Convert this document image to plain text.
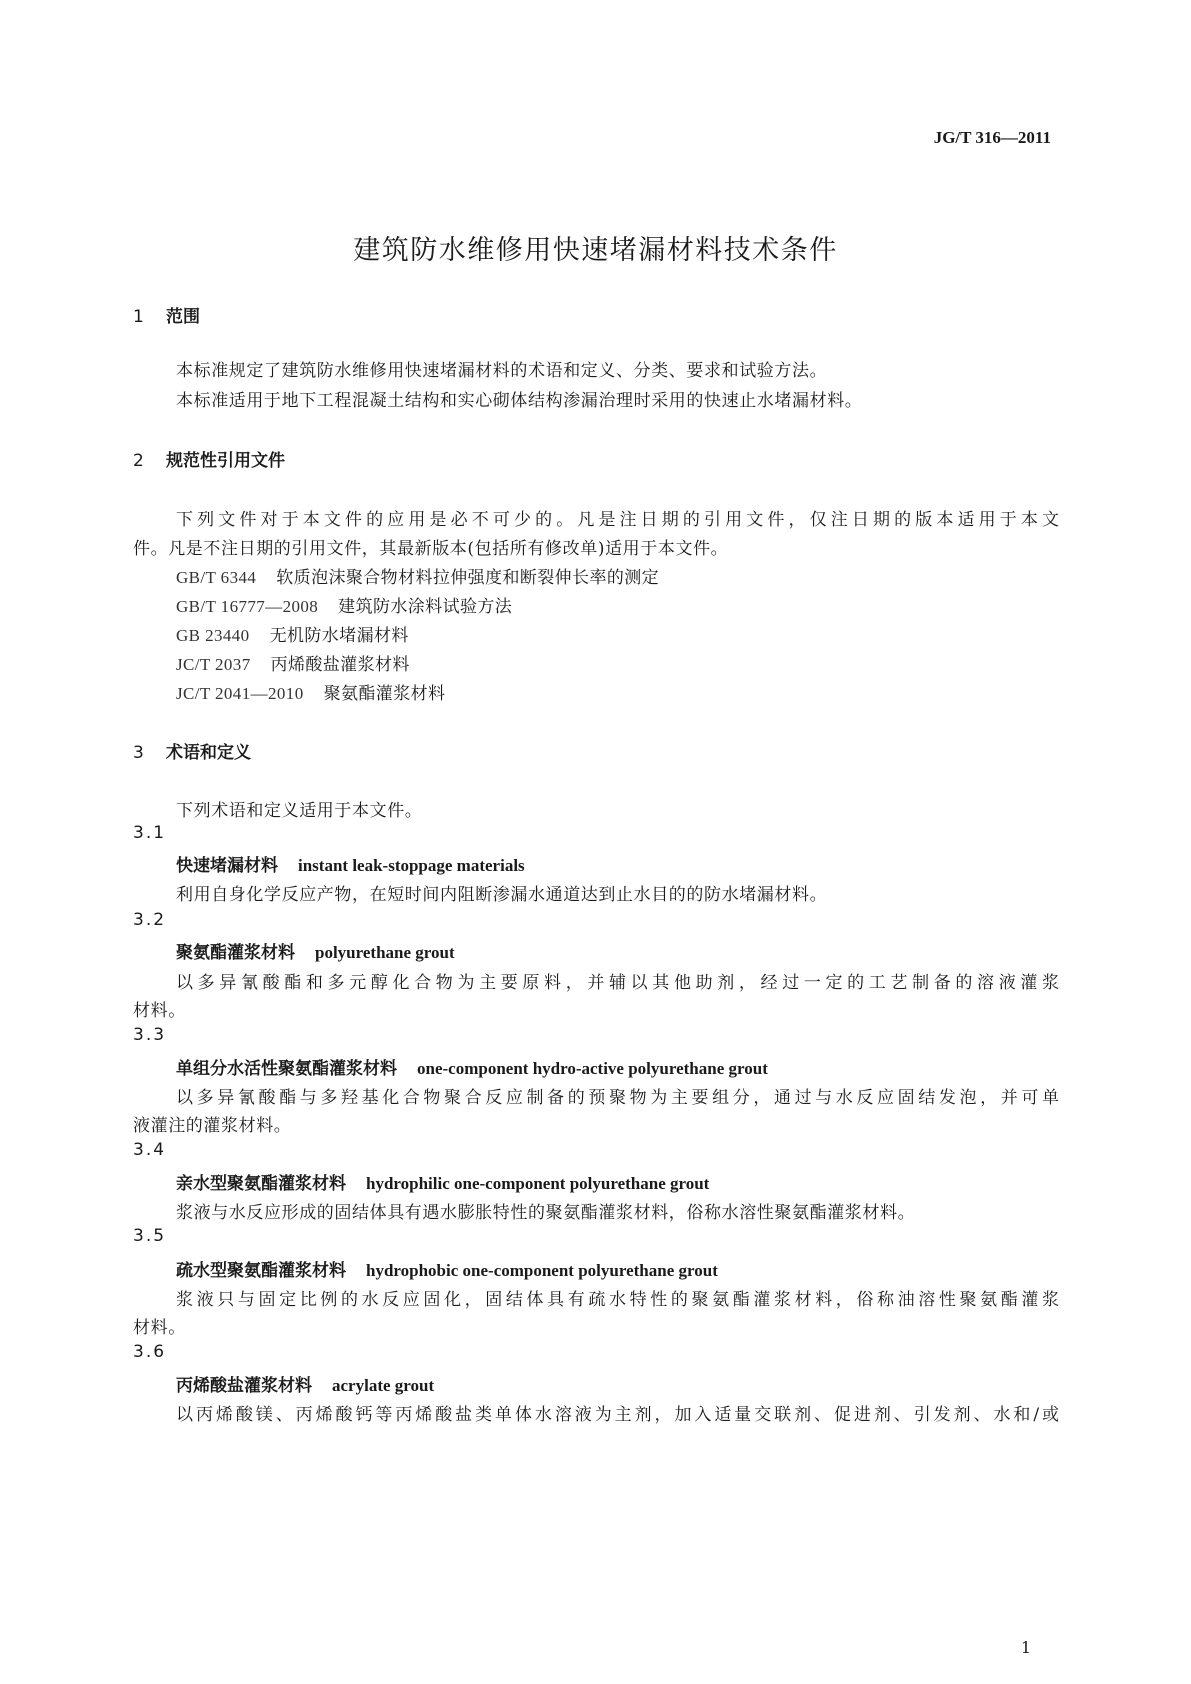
JG/T 316—2011
建筑防水维修用快速堵漏材料技术条件
1 范围
本标准规定了建筑防水维修用快速堵漏材料的术语和定义、分类、要求和试验方法。
本标准适用于地下工程混凝土结构和实心砌体结构渗漏治理时采用的快速止水堵漏材料。
2 规范性引用文件
下列文件对于本文件的应用是必不可少的。凡是注日期的引用文件，仅注日期的版本适用于本文
件。凡是不注日期的引用文件，其最新版本(包括所有修改单)适用于本文件。
GB/T 6344 软质泡沫聚合物材料拉伸强度和断裂伸长率的测定
GB/T 16777—2008 建筑防水涂料试验方法
GB 23440 无机防水堵漏材料
JC/T 2037 丙烯酸盐灌浆材料
JC/T 2041—2010 聚氨酯灌浆材料
3 术语和定义
下列术语和定义适用于本文件。
3.1
快速堵漏材料 instant leak-stoppage materials
利用自身化学反应产物，在短时间内阻断渗漏水通道达到止水目的的防水堵漏材料。
3.2
聚氨酯灌浆材料 polyurethane grout
以多异氰酸酯和多元醇化合物为主要原料，并辅以其他助剂，经过一定的工艺制备的溶液灌浆
材料。
3.3
单组分水活性聚氨酯灌浆材料 one-component hydro-active polyurethane grout
以多异氰酸酯与多羟基化合物聚合反应制备的预聚物为主要组分，通过与水反应固结发泡，并可单
液灌注的灌浆材料。
3.4
亲水型聚氨酯灌浆材料 hydrophilic one-component polyurethane grout
浆液与水反应形成的固结体具有遇水膨胀特性的聚氨酯灌浆材料，俗称水溶性聚氨酯灌浆材料。
3.5
疏水型聚氨酯灌浆材料 hydrophobic one-component polyurethane grout
浆液只与固定比例的水反应固化，固结体具有疏水特性的聚氨酯灌浆材料，俗称油溶性聚氨酯灌浆
材料。
3.6
丙烯酸盐灌浆材料 acrylate grout
以丙烯酸镁、丙烯酸钙等丙烯酸盐类单体水溶液为主剂，加入适量交联剂、促进剂、引发剂、水和/或
1
